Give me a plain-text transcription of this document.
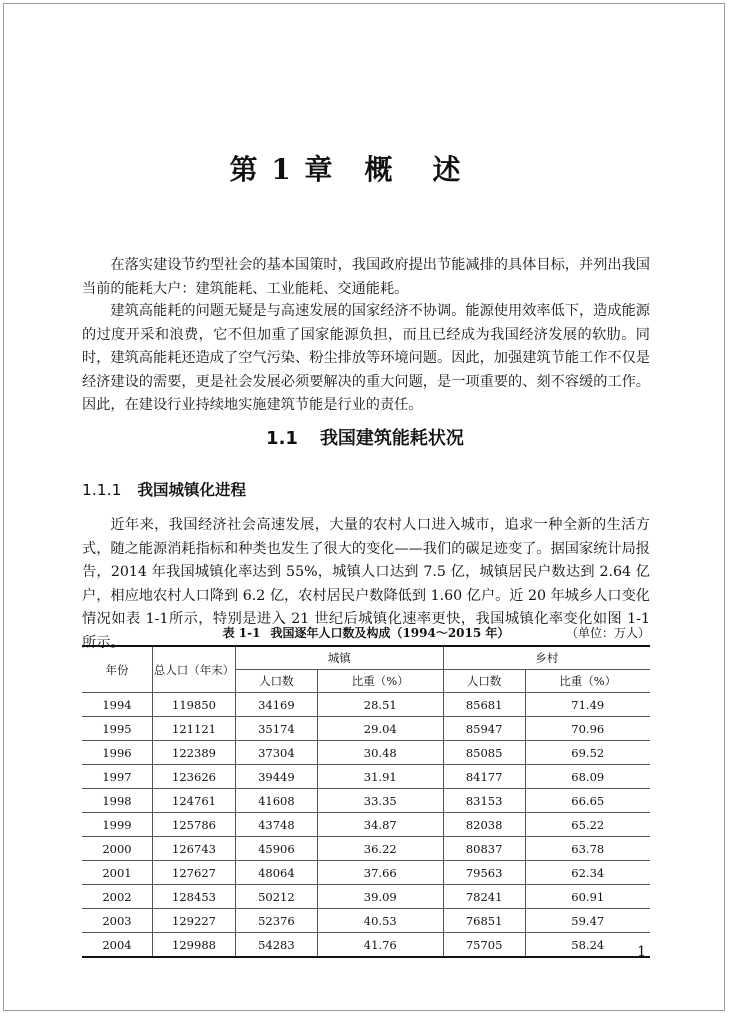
第 1 章 概述

在落实建设节约型社会的基本国策时，我国政府提出节能减排的具体目标，并列出我国当前的能耗大户：建筑能耗、工业能耗、交通能耗。

建筑高能耗的问题无疑是与高速发展的国家经济不协调。能源使用效率低下，造成能源的过度开采和浪费，它不但加重了国家能源负担，而且已经成为我国经济发展的软肋。同时，建筑高能耗还造成了空气污染、粉尘排放等环境问题。因此，加强建筑节能工作不仅是经济建设的需要，更是社会发展必须要解决的重大问题，是一项重要的、刻不容缓的工作。因此，在建设行业持续地实施建筑节能是行业的责任。

1.1 我国建筑能耗状况
1.1.1 我国城镇化进程

近年来，我国经济社会高速发展，大量的农村人口进入城市，追求一种全新的生活方式，随之能源消耗指标和种类也发生了很大的变化——我们的碳足迹变了。据国家统计局报告，2014 年我国城镇化率达到 55%，城镇人口达到 7.5 亿，城镇居民户数达到 2.64 亿户，相应地农村人口降到 6.2 亿，农村居民户数降低到 1.60 亿户。近 20 年城乡人口变化情况如表 1-1所示，特别是进入 21 世纪后城镇化速率更快，我国城镇化率变化如图 1-1 所示。

表 1-1 我国逐年人口数及构成（1994～2015 年）	（单位：万人）
年份	总人口（年末）	城镇		乡村	
		人口数	比重（%）	人口数	比重（%）
1994	119850	34169	28.51	85681	71.49
1995	121121	35174	29.04	85947	70.96
1996	122389	37304	30.48	85085	69.52
1997	123626	39449	31.91	84177	68.09
1998	124761	41608	33.35	83153	66.65
1999	125786	43748	34.87	82038	65.22
2000	126743	45906	36.22	80837	63.78
2001	127627	48064	37.66	79563	62.34
2002	128453	50212	39.09	78241	60.91
2003	129227	52376	40.53	76851	59.47
2004	129988	54283	41.76	75705	58.24	1
